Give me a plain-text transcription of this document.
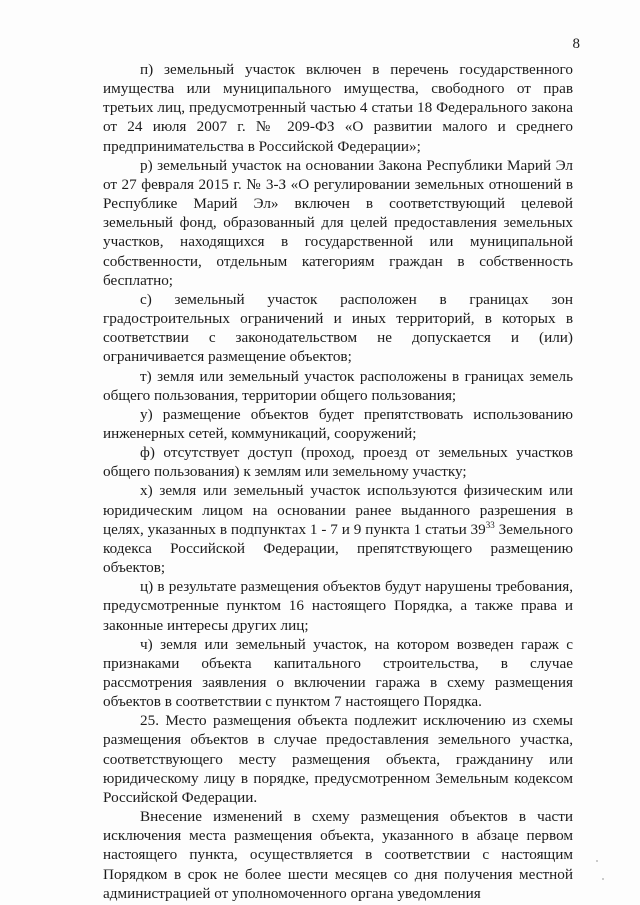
8

п) земельный участок включен в перечень государственного имущества или муниципального имущества, свободного от прав третьих лиц, предусмотренный частью 4 статьи 18 Федерального закона от 24 июля 2007 г. № 209-ФЗ «О развитии малого и среднего предпринимательства в Российской Федерации»;

р) земельный участок на основании Закона Республики Марий Эл от 27 февраля 2015 г. № 3-З «О регулировании земельных отношений в Республике Марий Эл» включен в соответствующий целевой земельный фонд, образованный для целей предоставления земельных участков, находящихся в государственной или муниципальной собственности, отдельным категориям граждан в собственность бесплатно;

с) земельный участок расположен в границах зон градостроительных ограничений и иных территорий, в которых в соответствии с законодательством не допускается и (или) ограничивается размещение объектов;

т) земля или земельный участок расположены в границах земель общего пользования, территории общего пользования;

у) размещение объектов будет препятствовать использованию инженерных сетей, коммуникаций, сооружений;

ф) отсутствует доступ (проход, проезд от земельных участков общего пользования) к землям или земельному участку;

х) земля или земельный участок используются физическим или юридическим лицом на основании ранее выданного разрешения в целях, указанных в подпунктах 1 - 7 и 9 пункта 1 статьи $39^{33}$ Земельного кодекса Российской Федерации, препятствующего размещению объектов;

ц) в результате размещения объектов будут нарушены требования, предусмотренные пунктом 16 настоящего Порядка, а также права и законные интересы других лиц;

ч) земля или земельный участок, на котором возведен гараж с признаками объекта капитального строительства, в случае рассмотрения заявления о включении гаража в схему размещения объектов в соответствии с пунктом 7 настоящего Порядка.

25. Место размещения объекта подлежит исключению из схемы размещения объектов в случае предоставления земельного участка, соответствующего месту размещения объекта, гражданину или юридическому лицу в порядке, предусмотренном Земельным кодексом Российской Федерации.

Внесение изменений в схему размещения объектов в части исключения места размещения объекта, указанного в абзаце первом настоящего пункта, осуществляется в соответствии с настоящим Порядком в срок не более шести месяцев со дня получения местной администрацией от уполномоченного органа уведомления
